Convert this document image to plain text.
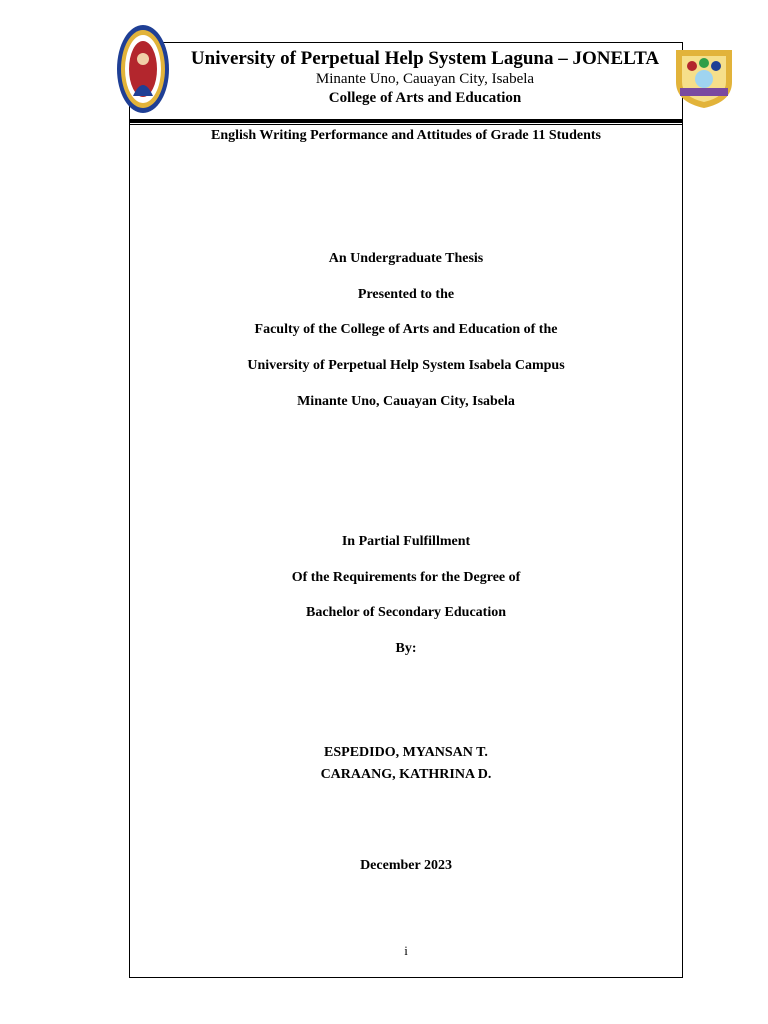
University of Perpetual Help System Laguna – JONELTA
Minante Uno, Cauayan City, Isabela
College of Arts and Education
English Writing Performance and Attitudes of Grade 11 Students
An Undergraduate Thesis
Presented to the
Faculty of the College of Arts and Education of the
University of Perpetual Help System Isabela Campus
Minante Uno, Cauayan City, Isabela
In Partial Fulfillment
Of the Requirements for the Degree of
Bachelor of Secondary Education
By:
ESPEDIDO, MYANSAN T.
CARAANG, KATHRINA D.
December 2023
i
